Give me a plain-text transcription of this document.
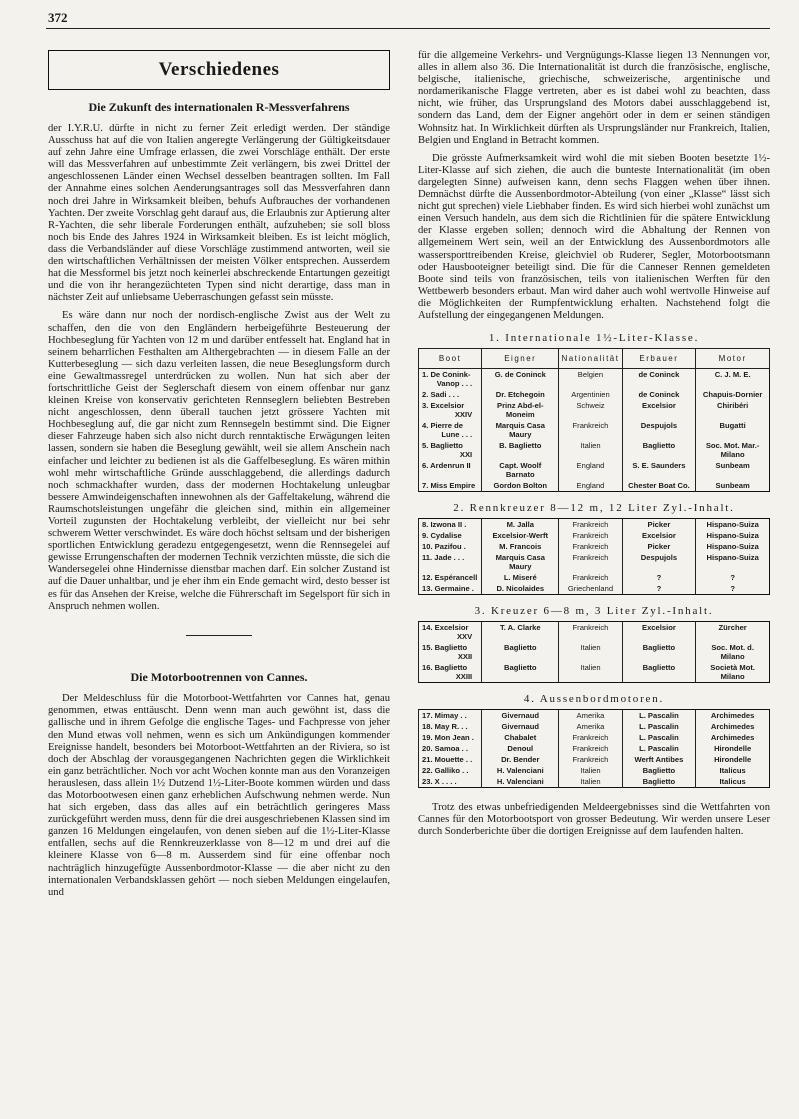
372
Verschiedenes
Die Zukunft des internationalen R-Messverfahrens

der I.Y.R.U. dürfte in nicht zu ferner Zeit erledigt werden. Der ständige Ausschuss hat auf die von Italien angeregte Verlängerung der Gültigkeitsdauer auf zehn Jahre eine Umfrage erlassen, die zwei Vorschläge enthält. Der erste will das Messverfahren auf unbestimmte Zeit verlängern, bis zwei Drittel der angeschlossenen Länder einen Wechsel desselben beantragen sollten. Im Fall der Annahme eines solchen Aenderungsantrages soll das Messverfahren dann noch drei Jahre in Wirksamkeit bleiben, behufs Aufbrauches der vorhandenen Yachten. Der zweite Vorschlag geht darauf aus, die Erlaubnis zur Aptierung alter R-Yachten, die sehr liberale Forderungen enthält, aufzuheben; sie soll bloss noch bis Ende des Jahres 1924 in Wirksamkeit bleiben. Es ist leicht möglich, dass die Verbandsländer auf diese Vorschläge zustimmend antworten, weil sie den wirtschaftlichen Verhältnissen der meisten Völker entsprechen. Ausserdem hat die Messformel bis jetzt noch keinerlei abschreckende Entartungen gezeitigt und die von ihr herangezüchteten Typen sind nicht derartige, dass man in nächster Zeit auf unliebsame Ueberraschungen gefasst sein müsste.

Es wäre dann nur noch der nordisch-englische Zwist aus der Welt zu schaffen, den die von den Engländern herbeigeführte Besteuerung der Hochbeseglung für Yachten von 12 m und darüber entfesselt hat. England hat in seinem beharrlichen Festhalten am Althergebrachten — in diesem Falle an der Kutterbeseglung — sich dazu verleiten lassen, die neue Beseglungsform durch eine Gewaltmassregel unterdrücken zu wollen. Nun hat sich aber der fortschrittliche Geist der Seglerschaft diesem von einem offenbar nur ganz kleinen Kreise von konservativ gerichteten Rennseglern beliebten Bestreben nicht angeschlossen, denn überall tauchen jetzt grössere Yachten mit Hochbeseglung auf, die gar nicht zum Rennsegeln bestimmt sind. Die Eigner dieser Fahrzeuge haben sich also nicht durch renntaktische Erwägungen leiten lassen, sondern sie haben die Beseglung gewählt, weil sie allem Anschein nach einfacher und leichter zu bedienen ist als die Gaffelbeseglung. Es wären mithin wohl mehr wirtschaftliche Gründe ausschlaggebend, die allerdings dadurch noch schmackhafter wurden, dass der modernen Hochtakelung unleugbar bessere Amwindeigenschaften innewohnen als der Gaffeltakelung, während die Raumschotsleistungen ungefähr die gleichen sind, mithin ein allgemeiner Vorteil zugunsten der Hochtakelung verbleibt, der vielleicht nur bei sehr schwerem Wetter verschwindet. Es wäre doch höchst seltsam und der bisherigen sportlichen Entwicklung geradezu entgegengesetzt, wenn die Rennsegelei auf gewisse Errungenschaften der modernen Technik verzichten müsste, die sich die Wandersegelei ohne Hindernisse dienstbar machen darf. Ein solcher Zustand ist auf die Dauer unhaltbar, und je eher ihm ein Ende gemacht wird, desto besser ist es für das Ansehen der Kreise, welche die Führerschaft im Segelsport für sich in Anspruch nehmen wollen.

Die Motorbootrennen von Cannes.

Der Meldeschluss für die Motorboot-Wettfahrten vor Cannes hat, genau genommen, etwas enttäuscht. Denn wenn man auch gewöhnt ist, dass die gallische und in ihrem Gefolge die englische Tages- und Fachpresse von jeher den Mund etwas voll nehmen, wenn es sich um Ankündigungen kommender Ereignisse handelt, besonders bei Motorboot-Wettfahrten an der Riviera, so ist doch der Abschlag der vorausgegangenen Nachrichten gegen die Wirklichkeit ein ganz beträchtlicher. Noch vor acht Wochen konnte man aus den Voranzeigen herauslesen, dass allein 1½ Dutzend 1½-Liter-Boote kommen würden und dass das Motorbootwesen einen ganz erheblichen Aufschwung nehmen werde. Nun hat sich ergeben, dass das alles auf ein beträchtlich geringeres Mass zurückgeführt werden muss, denn für die drei ausgeschriebenen Klassen sind im ganzen 16 Meldungen eingelaufen, von denen sieben auf die 1½-Liter-Klasse entfallen, sechs auf die Rennkreuzerklasse von 8—12 m und drei auf die kleinere Klasse von 6—8 m. Ausserdem sind für eine offenbar noch nachträglich hinzugefügte Aussenbordmotor-Klasse — die aber nicht zu den internationalen Verbandsklassen gehört — noch sieben Meldungen eingelaufen, und

für die allgemeine Verkehrs- und Vergnügungs-Klasse liegen 13 Nennungen vor, alles in allem also 36. Die Internationalität ist durch die französische, englische, belgische, italienische, griechische, schweizerische, argentinische und nordamerikanische Flagge vertreten, aber es ist dabei wohl zu beachten, dass nicht, wie früher, das Ursprungsland des Motors dabei ausschlaggebend ist, sondern das Land, dem der Eigner angehört oder in dem er seinen ständigen Wohnsitz hat. In Wirklichkeit dürften als Ursprungsländer nur Frankreich, Italien, Belgien und England in Betracht kommen.

Die grösste Aufmerksamkeit wird wohl die mit sieben Booten besetzte 1½-Liter-Klasse auf sich ziehen, die auch die bunteste Internationalität (im oben dargelegten Sinne) aufweisen kann, denn sechs Flaggen wehen über ihnen. Demnächst dürfte die Aussenbordmotor-Abteilung (von einer „Klasse“ lässt sich nicht gut sprechen) viele Liebhaber finden. Es wird sich hierbei wohl zunächst um einen Versuch handeln, aus dem sich die Richtlinien für die spätere Entwicklung der Klasse ergeben sollen; dennoch wird die Abhaltung der Rennen von allgemeinem Wert sein, weil an der Entwicklung des Aussenbordmotors alle wassersporttreibenden Kreise, gleichviel ob Ruderer, Segler, Motorbootsmann oder Hausbooteigner beteiligt sind. Die für die Canneser Rennen gemeldeten Boote sind teils von französischen, teils von italienischen Werften für den Wettbewerb besonders erbaut. Man wird daher auch wohl wertvolle Hinweise auf die Möglichkeiten der Rumpfentwicklung erhalten. Nachstehend folgt die Aufstellung der eingegangenen Meldungen.

1. Internationale 1½-Liter-Klasse.
Boot	Eigner	Nationalität	Erbauer	Motor
1. De Conink-
Vanop . . .	G. de Coninck	Belgien	de Coninck	C. J. M. E.
2. Sadi . . .	Dr. Etchegoin	Argentinien	de Coninck	Chapuis-Dornier
3. Excelsior
XXIV	Prinz Abd-el-Moneim	Schweiz	Excelsior	Chiribéri
4. Pierre de
Lune . . .	Marquis Casa Maury	Frankreich	Despujols	Bugatti
5. Baglietto
XXI	B. Baglietto	Italien	Baglietto	Soc. Mot. Mar.-Milano
6. Ardenrun II	Capt. Woolf Barnato	England	S. E. Saunders	Sunbeam
7. Miss Empire	Gordon Bolton	England	Chester Boat Co.	Sunbeam
2. Rennkreuzer 8—12 m, 12 Liter Zyl.-Inhalt.
8. Izwona II .	M. Jalla	Frankreich	Picker	Hispano-Suiza
9. Cydalise	Excelsior-Werft	Frankreich	Excelsior	Hispano-Suiza
10. Pazifou .	M. Francois	Frankreich	Picker	Hispano-Suiza
11. Jade . . .	Marquis Casa Maury	Frankreich	Despujols	Hispano-Suiza
12. Espérancell	L. Miseré	Frankreich	?	?
13. Germaine .	D. Nicolaides	Griechenland	?	?
3. Kreuzer 6—8 m, 3 Liter Zyl.-Inhalt.
14. Excelsior
XXV	T. A. Clarke	Frankreich	Excelsior	Zürcher
15. Baglietto
XXII	Baglietto	Italien	Baglietto	Soc. Mot. d. Milano
16. Baglietto
XXIII	Baglietto	Italien	Baglietto	Società Mot. Milano
4. Aussenbordmotoren.
17. Mimay . .	Givernaud	Amerika	L. Pascalin	Archimedes
18. May R. . .	Givernaud	Amerika	L. Pascalin	Archimedes
19. Mon Jean .	Chabalet	Frankreich	L. Pascalin	Archimedes
20. Samoa . .	Denoul	Frankreich	L. Pascalin	Hirondelle
21. Mouette . .	Dr. Bender	Frankreich	Werft Antibes	Hirondelle
22. Galliko . .	H. Valenciani	Italien	Baglietto	Italicus
23. X . . . .	H. Valenciani	Italien	Baglietto	Italicus

Trotz des etwas unbefriedigenden Meldeergebnisses sind die Wettfahrten von Cannes für den Motorbootsport von grosser Bedeutung. Wir werden unsere Leser durch Sonderberichte über die dortigen Ereignisse auf dem laufenden halten.
